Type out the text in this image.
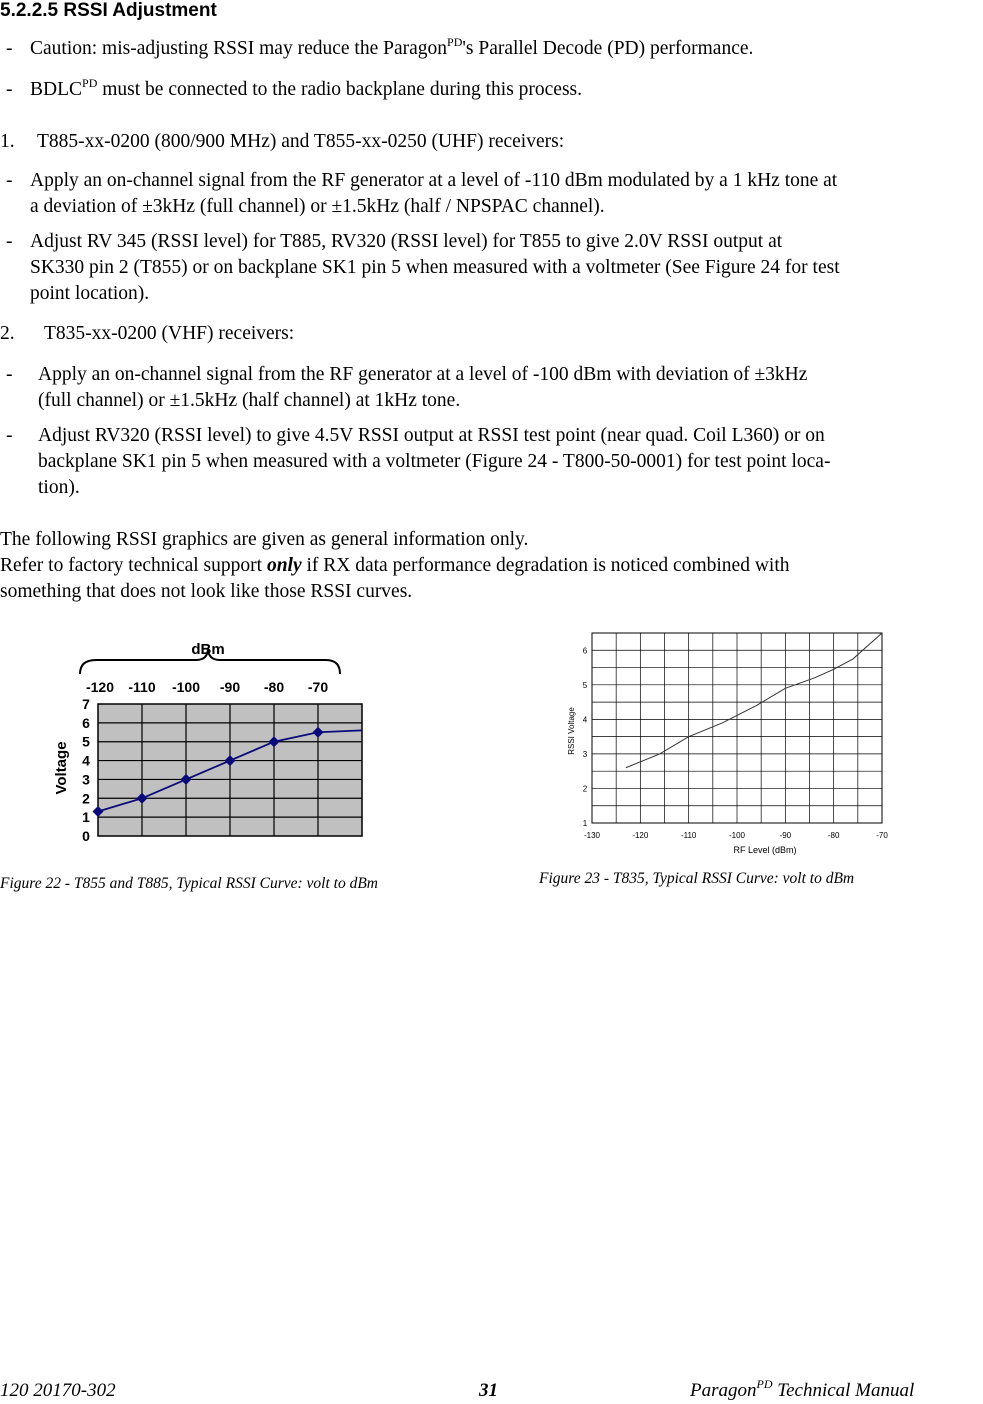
5.2.2.5 RSSI Adjustment
- Caution: mis-adjusting RSSI may reduce the Paragon$^{PD}$'s Parallel Decode (PD) performance.
- $BDLC^{PD}$ must be connected to the radio backplane during this process.
1. T885-xx-0200 (800/900 MHz) and T855-xx-0250 (UHF) receivers:
- Apply an on-channel signal from the RF generator at a level of -110 dBm modulated by a 1 kHz tone at
a deviation of ±3kHz (full channel) or ±1.5kHz (half / NPSPAC channel).
- Adjust RV 345 (RSSI level) for T885, RV320 (RSSI level) for T855 to give 2.0V RSSI output at
SK330 pin 2 (T855) or on backplane SK1 pin 5 when measured with a voltmeter (See Figure 24 for test
point location).
2. T835-xx-0200 (VHF) receivers:
- Apply an on-channel signal from the RF generator at a level of -100 dBm with deviation of ±3kHz
(full channel) or ±1.5kHz (half channel) at 1kHz tone.
- Adjust RV320 (RSSI level) to give 4.5V RSSI output at RSSI test point (near quad. Coil L360) or on
backplane SK1 pin 5 when measured with a voltmeter (Figure 24 - T800-50-0001) for test point loca-
tion).
The following RSSI graphics are given as general information only.
Refer to factory technical support only if RX data performance degradation is noticed combined with
something that does not look like those RSSI curves.
dBm
-120 -110 -100 -90 -80 -70
7
6
5
4
3
2
1
0
Voltage
Figure 22 - T855 and T885, Typical RSSI Curve: volt to dBm
RSSI Voltage
-130	-120	-110	-100	-90	-80	-70
1
2
3
4
5
6
RF Level (dBm)
Figure 23 - T835, Typical RSSI Curve: volt to dBm
120 20170-302	31	Paragon$^{PD}$ Technical Manual
